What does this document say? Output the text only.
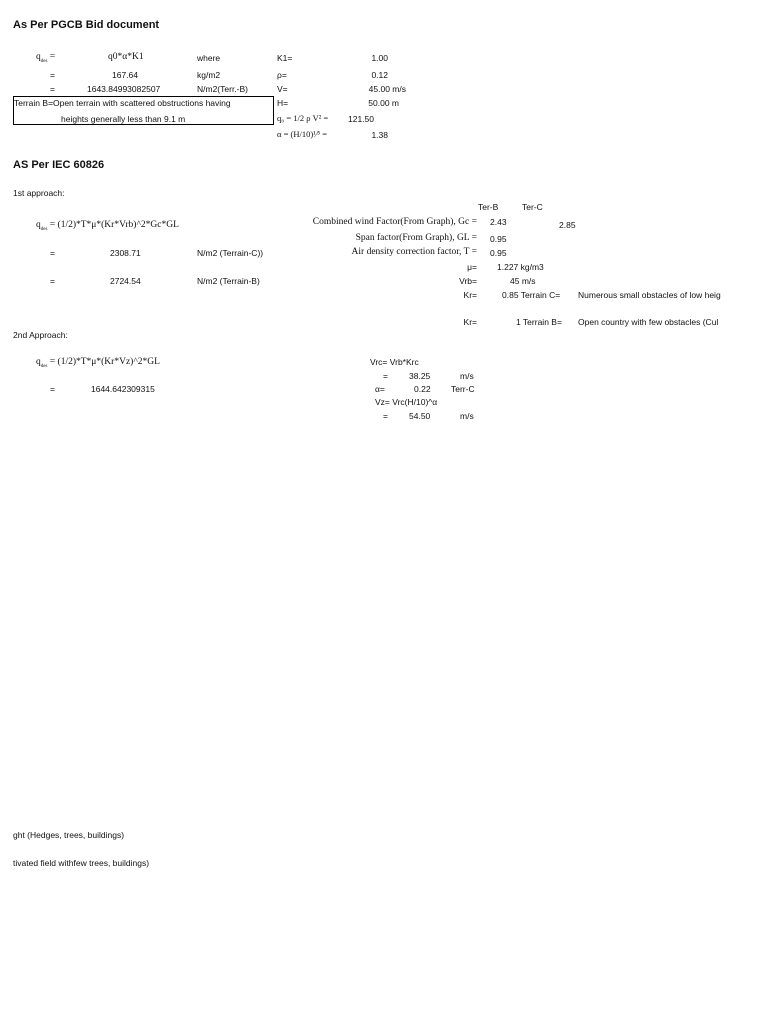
As Per PGCB Bid document
$q_{des}$ =	q0*α*K1	where
=	167.64	kg/m2
=	1643.84993082507	N/m2(Terr.-B)
K1=	1.00
ρ=	0.12
V=	45.00 m/s
H=	50.00 m
q₀ = 1/2 ρ V² =	121.50
α = (H/10)¹⁄⁵ =	1.38
Terrain B=Open terrain with scattered obstructions having
heights generally less than 9.1 m
AS Per IEC 60826
1st approach:
Ter-B	Ter-C
$q_{des}$ = (1/2)*T*μ*(Kr*Vrb)^2*Gc*GL	Combined wind Factor(From Graph), Gc = 2.43	2.85
Span factor(From Graph), GL = 0.95
Air density correction factor, T = 0.95
=	2308.71	N/m2 (Terrain-C))
μ= 1.227 kg/m3
=	2724.54	N/m2 (Terrain-B)	Vrb=	45 m/s
Kr=	0.85 Terrain C= Numerous small obstacles of low heig
Kr=	1 Terrain B= Open country with few obstacles (Cul
2nd Approach:
$q_{des}$ = (1/2)*T*μ*(Kr*Vz)^2*GL	Vrc= Vrb*Krc
= 38.25	m/s
=	1644.642309315	α=	0.22 Terr-C
Vz= Vrc(H/10)^α
= 54.50	m/s
ght (Hedges, trees, buildings)
tivated field withfew trees, buildings)
